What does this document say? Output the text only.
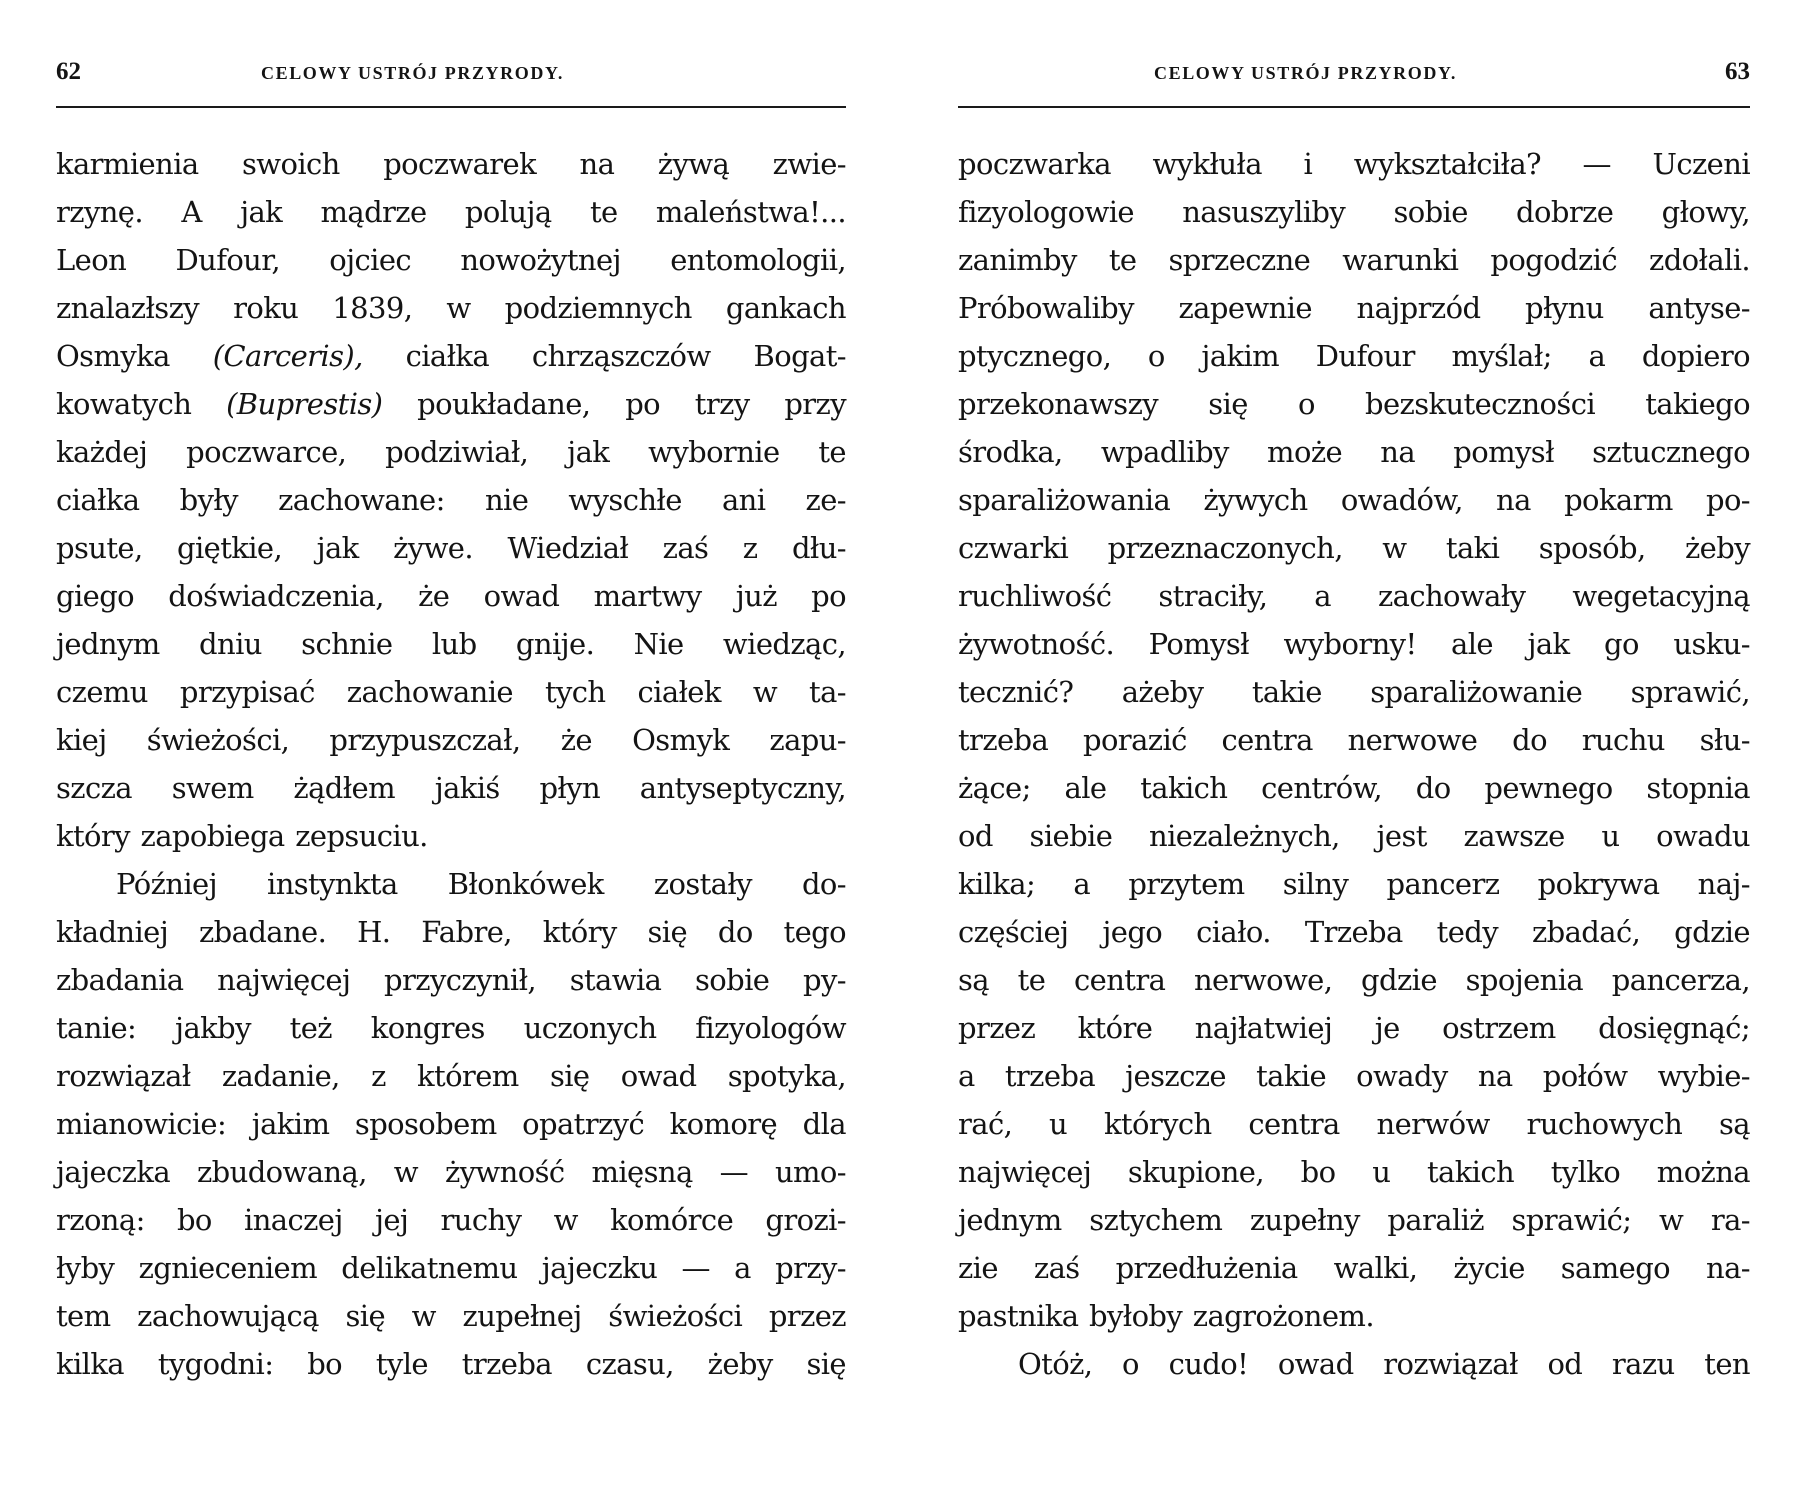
62	CELOWY USTRÓJ PRZYRODY.
karmienia swoich poczwarek na żywą zwie-
rzynę. A jak mądrze polują te maleństwa!...
Leon Dufour, ojciec nowożytnej entomologii,
znalazłszy roku 1839, w podziemnych gankach
Osmyka (Carceris), ciałka chrząszczów Bogat-
kowatych (Buprestis) poukładane, po trzy przy
każdej poczwarce, podziwiał, jak wybornie te
ciałka były zachowane: nie wyschłe ani ze-
psute, giętkie, jak żywe. Wiedział zaś z dłu-
giego doświadczenia, że owad martwy już po
jednym dniu schnie lub gnije. Nie wiedząc,
czemu przypisać zachowanie tych ciałek w ta-
kiej świeżości, przypuszczał, że Osmyk zapu-
szcza swem żądłem jakiś płyn antyseptyczny,
który zapobiega zepsuciu.
Później instynkta Błonkówek zostały do-
kładniej zbadane. H. Fabre, który się do tego
zbadania najwięcej przyczynił, stawia sobie py-
tanie: jakby też kongres uczonych fizyologów
rozwiązał zadanie, z którem się owad spotyka,
mianowicie: jakim sposobem opatrzyć komorę dla
jajeczka zbudowaną, w żywność mięsną — umo-
rzoną: bo inaczej jej ruchy w komórce grozi-
łyby zgnieceniem delikatnemu jajeczku — a przy-
tem zachowującą się w zupełnej świeżości przez
kilka tygodni: bo tyle trzeba czasu, żeby się
CELOWY USTRÓJ PRZYRODY.	63
poczwarka wykłuła i wykształciła? — Uczeni
fizyologowie nasuszyliby sobie dobrze głowy,
zanimby te sprzeczne warunki pogodzić zdołali.
Próbowaliby zapewnie najprzód płynu antyse-
ptycznego, o jakim Dufour myślał; a dopiero
przekonawszy się o bezskuteczności takiego
środka, wpadliby może na pomysł sztucznego
sparaliżowania żywych owadów, na pokarm po-
czwarki przeznaczonych, w taki sposób, żeby
ruchliwość straciły, a zachowały wegetacyjną
żywotność. Pomysł wyborny! ale jak go usku-
tecznić? ażeby takie sparaliżowanie sprawić,
trzeba porazić centra nerwowe do ruchu słu-
żące; ale takich centrów, do pewnego stopnia
od siebie niezależnych, jest zawsze u owadu
kilka; a przytem silny pancerz pokrywa naj-
częściej jego ciało. Trzeba tedy zbadać, gdzie
są te centra nerwowe, gdzie spojenia pancerza,
przez które najłatwiej je ostrzem dosięgnąć;
a trzeba jeszcze takie owady na połów wybie-
rać, u których centra nerwów ruchowych są
najwięcej skupione, bo u takich tylko można
jednym sztychem zupełny paraliż sprawić; w ra-
zie zaś przedłużenia walki, życie samego na-
pastnika byłoby zagrożonem.
Otóż, o cudo! owad rozwiązał od razu ten
